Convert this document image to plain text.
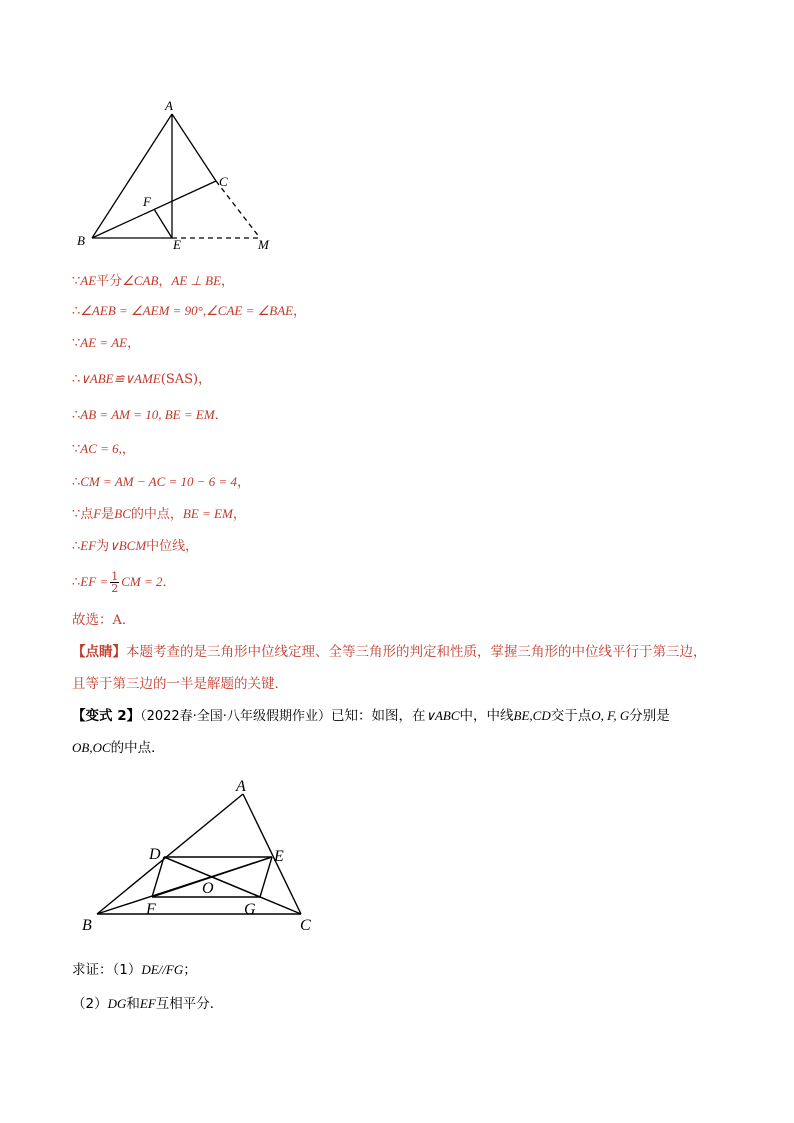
A
C
F
B	E	M
∵AE平分∠CAB，AE ⊥ BE，
∴∠AEB = ∠AEM = 90°,∠CAE = ∠BAE，
∵AE = AE，
∴∨ABE≌∨AME(SAS)，
∴AB = AM = 10, BE = EM．
∵AC = 6,，
∴CM = AM − AC = 10 − 6 = 4，
∵点F是BC的中点，BE = EM，
∴EF为∨BCM中位线，
∴EF = $\frac{1}{2}$ CM = 2．
故选：A．
【点睛】本题考查的是三角形中位线定理、全等三角形的判定和性质，掌握三角形的中位线平行于第三边，
且等于第三边的一半是解题的关键．
【变式 2】（2022春·全国·八年级假期作业）已知：如图，在∨ABC中，中线BE,CD交于点O, F, G分别是
OB,OC的中点．
A
D	E
O
F	G
B	C
求证：（1）DE//FG；
（2）DG和EF互相平分．
